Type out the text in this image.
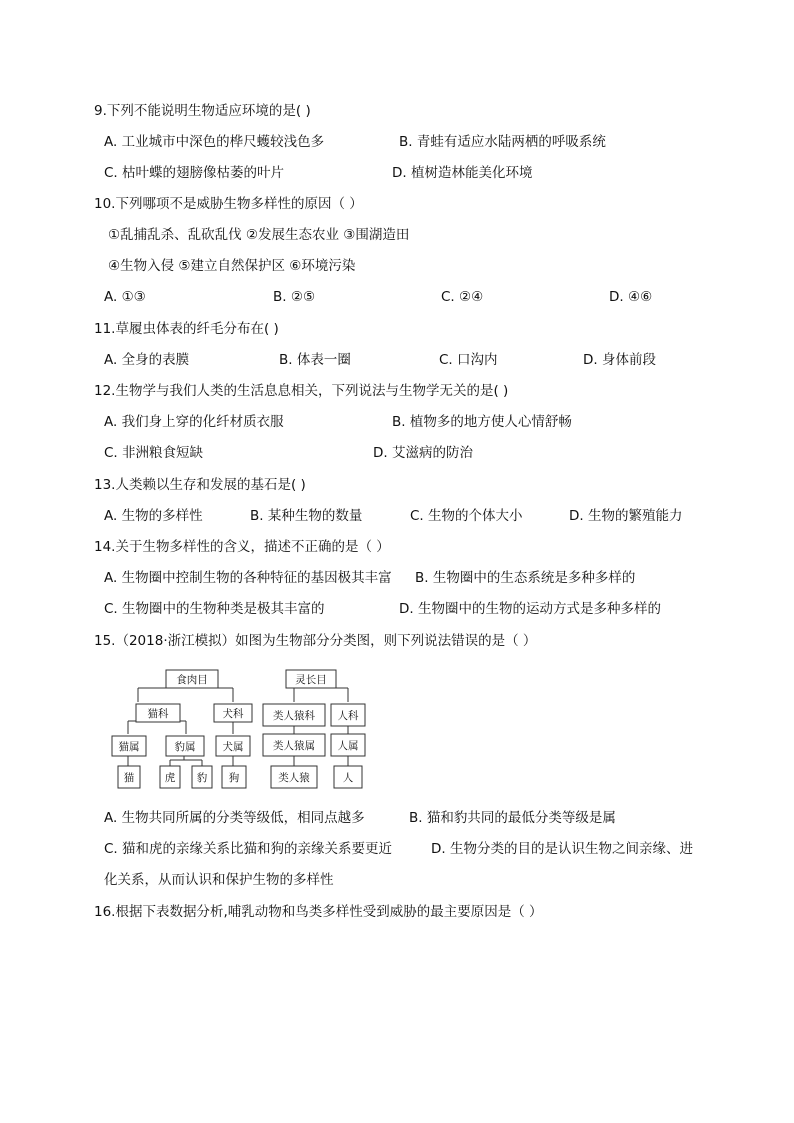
9.下列不能说明生物适应环境的是( )
A. 工业城市中深色的桦尺蠖较浅色多	B. 青蛙有适应水陆两栖的呼吸系统
C. 枯叶蝶的翅膀像枯萎的叶片	D. 植树造林能美化环境
10.下列哪项不是威胁生物多样性的原因（ ）
①乱捕乱杀、乱砍乱伐 ②发展生态农业 ③围湖造田
④生物入侵 ⑤建立自然保护区 ⑥环境污染
A. ①③	B. ②⑤	C. ②④	D. ④⑥
11.草履虫体表的纤毛分布在( )
A. 全身的表膜	B. 体表一圈	C. 口沟内	D. 身体前段
12.生物学与我们人类的生活息息相关，下列说法与生物学无关的是( )
A. 我们身上穿的化纤材质衣服	B. 植物多的地方使人心情舒畅
C. 非洲粮食短缺	D. 艾滋病的防治
13.人类赖以生存和发展的基石是( )
A. 生物的多样性	B. 某种生物的数量	C. 生物的个体大小	D. 生物的繁殖能力
14.关于生物多样性的含义，描述不正确的是（ ）
A. 生物圈中控制生物的各种特征的基因极其丰富 B. 生物圈中的生态系统是多种多样的
C. 生物圈中的生物种类是极其丰富的	D. 生物圈中的生物的运动方式是多种多样的
15.（2018·浙江模拟）如图为生物部分分类图，则下列说法错误的是（ ）
食肉目
猫科	犬科
猫属	豹属	犬属
猫	虎 豹 狗
灵长目
类人猿科 人科
类人猿属 人属
类人猿	人
A. 生物共同所属的分类等级低，相同点越多	B. 猫和豹共同的最低分类等级是属
C. 猫和虎的亲缘关系比猫和狗的亲缘关系要更近	D. 生物分类的目的是认识生物之间亲缘、进
化关系，从而认识和保护生物的多样性
16.根据下表数据分析,哺乳动物和鸟类多样性受到威胁的最主要原因是（ ）
